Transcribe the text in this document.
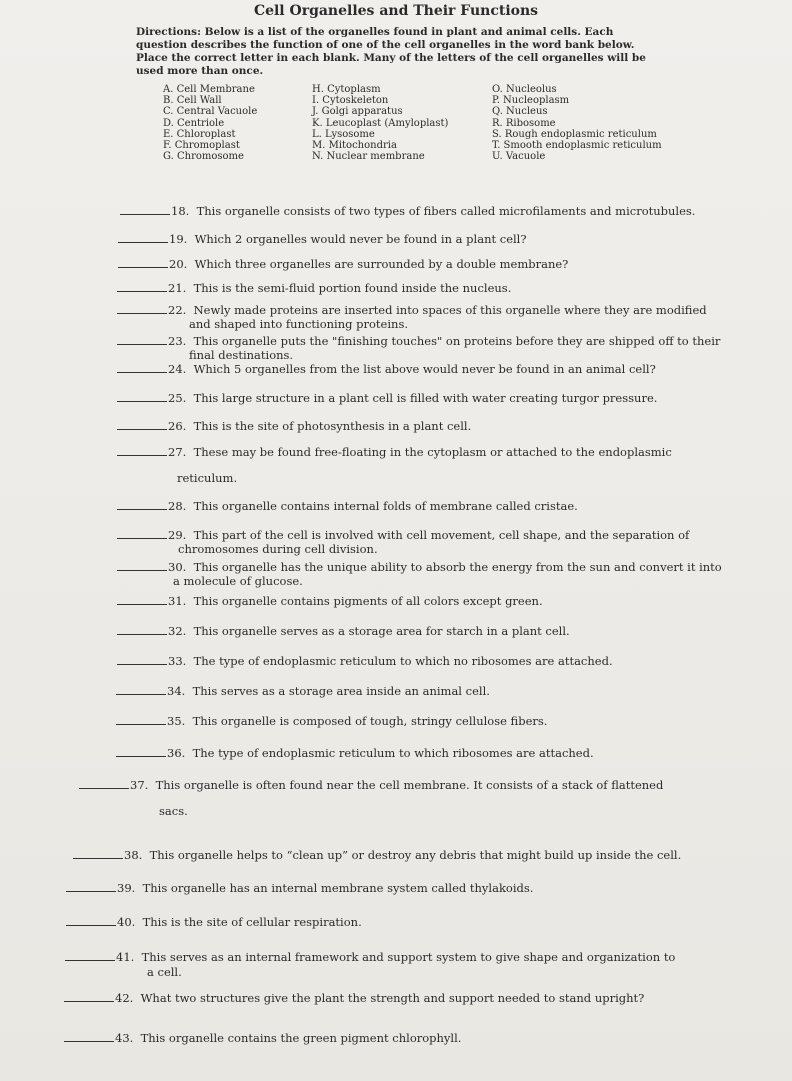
Cell Organelles and Their Functions
Directions: Below is a list of the organelles found in plant and animal cells. Each question describes the function of one of the cell organelles in the word bank below. Place the correct letter in each blank. Many of the letters of the cell organelles will be used more than once.
A. Cell Membrane
B. Cell Wall
C. Central Vacuole
D. Centriole
E. Chloroplast
F. Chromoplast
G. Chromosome
H. Cytoplasm
I. Cytoskeleton
J. Golgi apparatus
K. Leucoplast (Amyloplast)
L. Lysosome
M. Mitochondria
N. Nuclear membrane
O. Nucleolus
P. Nucleoplasm
Q. Nucleus
R. Ribosome
S. Rough endoplasmic reticulum
T. Smooth endoplasmic reticulum
U. Vacuole
18. This organelle consists of two types of fibers called microfilaments and microtubules.
19. Which 2 organelles would never be found in a plant cell?
20. Which three organelles are surrounded by a double membrane?
21. This is the semi-fluid portion found inside the nucleus.
22. Newly made proteins are inserted into spaces of this organelle where they are modified
and shaped into functioning proteins.
23. This organelle puts the "finishing touches" on proteins before they are shipped off to their
final destinations.
24. Which 5 organelles from the list above would never be found in an animal cell?
25. This large structure in a plant cell is filled with water creating turgor pressure.
26. This is the site of photosynthesis in a plant cell.
27. These may be found free-floating in the cytoplasm or attached to the endoplasmic
reticulum.
28. This organelle contains internal folds of membrane called cristae.
29. This part of the cell is involved with cell movement, cell shape, and the separation of
chromosomes during cell division.
30. This organelle has the unique ability to absorb the energy from the sun and convert it into
a molecule of glucose.
31. This organelle contains pigments of all colors except green.
32. This organelle serves as a storage area for starch in a plant cell.
33. The type of endoplasmic reticulum to which no ribosomes are attached.
34. This serves as a storage area inside an animal cell.
35. This organelle is composed of tough, stringy cellulose fibers.
36. The type of endoplasmic reticulum to which ribosomes are attached.
37. This organelle is often found near the cell membrane. It consists of a stack of flattened
sacs.
38. This organelle helps to “clean up” or destroy any debris that might build up inside the cell.
39. This organelle has an internal membrane system called thylakoids.
40. This is the site of cellular respiration.
41. This serves as an internal framework and support system to give shape and organization to
a cell.
42. What two structures give the plant the strength and support needed to stand upright?
43. This organelle contains the green pigment chlorophyll.
